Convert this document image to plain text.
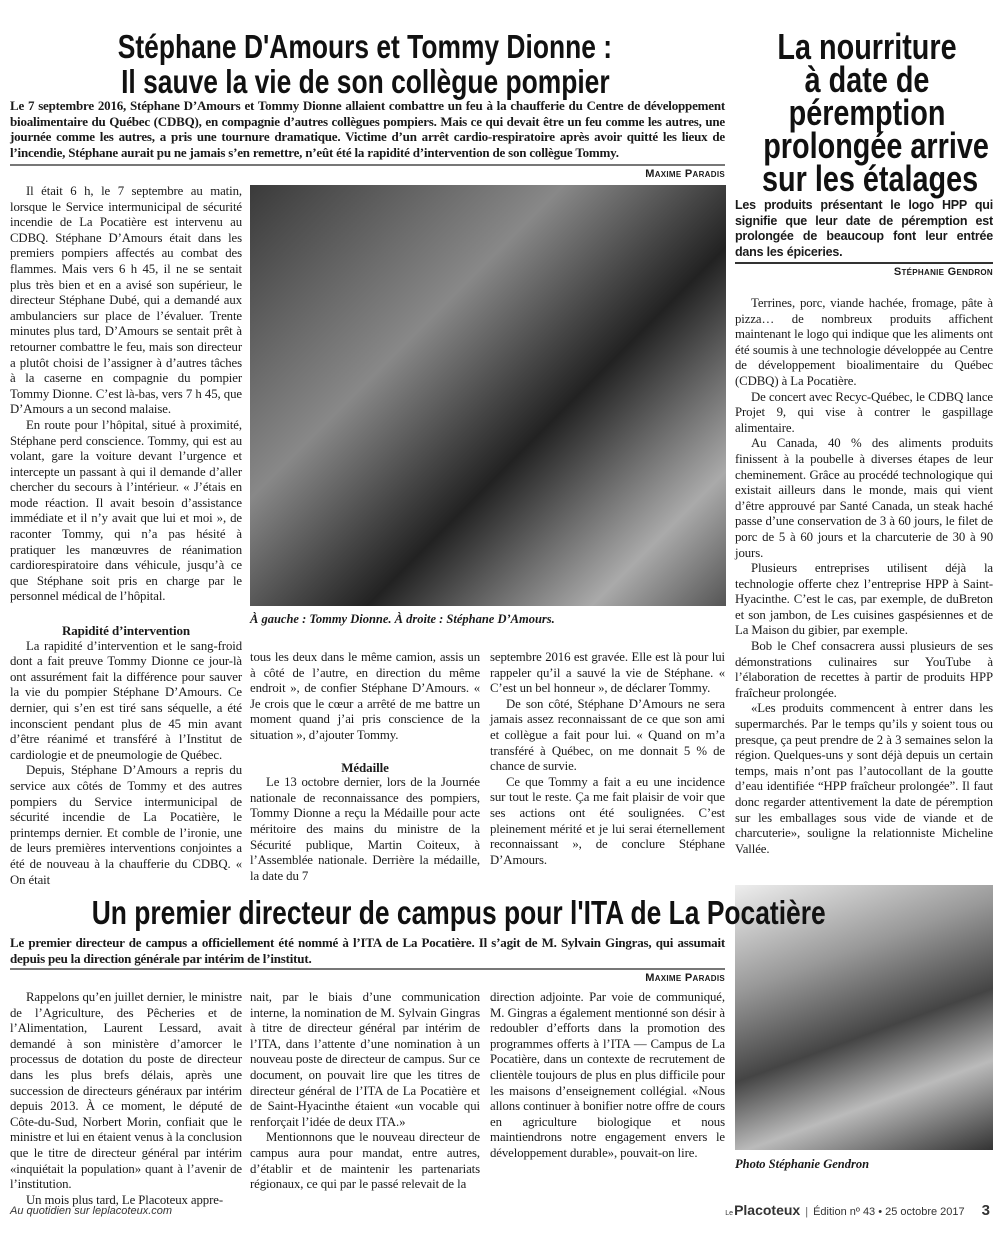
Stéphane D'Amours et Tommy Dionne :
Il sauve la vie de son collègue pompier
Le 7 septembre 2016, Stéphane D’Amours et Tommy Dionne allaient combattre un feu à la chaufferie du Centre de développement bioalimentaire du Québec (CDBQ), en compagnie d’autres collègues pompiers. Mais ce qui devait être un feu comme les autres, une journée comme les autres, a pris une tournure dramatique. Victime d’un arrêt cardio-respiratoire après avoir quitté les lieux de l’incendie, Stéphane aurait pu ne jamais s’en remettre, n’eût été la rapidité d’intervention de son collègue Tommy.
Maxime Paradis

Il était 6 h, le 7 septembre au matin, lorsque le Service intermunicipal de sécurité incendie de La Pocatière est intervenu au CDBQ. Stéphane D’Amours était dans les premiers pompiers affectés au combat des flammes. Mais vers 6 h 45, il ne se sentait plus très bien et en a avisé son supérieur, le directeur Stéphane Dubé, qui a demandé aux ambulanciers sur place de l’évaluer. Trente minutes plus tard, D’Amours se sentait prêt à retourner combattre le feu, mais son directeur a plutôt choisi de l’assigner à d’autres tâches à la caserne en compagnie du pompier Tommy Dionne. C’est là-bas, vers 7 h 45, que D’Amours a un second malaise.

En route pour l’hôpital, situé à proximité, Stéphane perd conscience. Tommy, qui est au volant, gare la voiture devant l’urgence et intercepte un passant à qui il demande d’aller chercher du secours à l’intérieur. « J’étais en mode réaction. Il avait besoin d’assistance immédiate et il n’y avait que lui et moi », de raconter Tommy, qui n’a pas hésité à pratiquer les manœuvres de réanimation cardiorespiratoire dans véhicule, jusqu’à ce que Stéphane soit pris en charge par le personnel médical de l’hôpital.

Rapidité d’intervention

La rapidité d’intervention et le sang-froid dont a fait preuve Tommy Dionne ce jour-là ont assurément fait la différence pour sauver la vie du pompier Stéphane D’Amours. Ce dernier, qui s’en est tiré sans séquelle, a été inconscient pendant plus de 45 min avant d’être réanimé et transféré à l’Institut de cardiologie et de pneumologie de Québec.

Depuis, Stéphane D’Amours a repris du service aux côtés de Tommy et des autres pompiers du Service intermunicipal de sécurité incendie de La Pocatière, le printemps dernier. Et comble de l’ironie, une de leurs premières interventions conjointes a été de nouveau à la chaufferie du CDBQ. « On était

À gauche : Tommy Dionne. À droite : Stéphane D’Amours.

tous les deux dans le même camion, assis un à côté de l’autre, en direction du même endroit », de confier Stéphane D’Amours. « Je crois que le cœur a arrêté de me battre un moment quand j’ai pris conscience de la situation », d’ajouter Tommy.

Médaille

Le 13 octobre dernier, lors de la Journée nationale de reconnaissance des pompiers, Tommy Dionne a reçu la Médaille pour acte méritoire des mains du ministre de la Sécurité publique, Martin Coiteux, à l’Assemblée nationale. Derrière la médaille, la date du 7

septembre 2016 est gravée. Elle est là pour lui rappeler qu’il a sauvé la vie de Stéphane. « C’est un bel honneur », de déclarer Tommy.

De son côté, Stéphane D’Amours ne sera jamais assez reconnaissant de ce que son ami et collègue a fait pour lui. « Quand on m’a transféré à Québec, on me donnait 5 % de chance de survie.

Ce que Tommy a fait a eu une incidence sur tout le reste. Ça me fait plaisir de voir que ses actions ont été soulignées. C’est pleinement mérité et je lui serai éternellement reconnaissant », de conclure Stéphane D’Amours.

La nourriture
à date de
péremption
prolongée arrive
sur les étalages
Les produits présentant le logo HPP qui signifie que leur date de péremption est prolongée de beaucoup font leur entrée dans les épiceries.
Stéphanie Gendron

Terrines, porc, viande hachée, fromage, pâte à pizza… de nombreux produits affichent maintenant le logo qui indique que les aliments ont été soumis à une technologie développée au Centre de développement bioalimentaire du Québec (CDBQ) à La Pocatière.

De concert avec Recyc-Québec, le CDBQ lance Projet 9, qui vise à contrer le gaspillage alimentaire.

Au Canada, 40 % des aliments produits finissent à la poubelle à diverses étapes de leur cheminement. Grâce au procédé technologique qui existait ailleurs dans le monde, mais qui vient d’être approuvé par Santé Canada, un steak haché passe d’une conservation de 3 à 60 jours, le filet de porc de 5 à 60 jours et la charcuterie de 30 à 90 jours.

Plusieurs entreprises utilisent déjà la technologie offerte chez l’entreprise HPP à Saint-Hyacinthe. C’est le cas, par exemple, de duBreton et son jambon, de Les cuisines gaspésiennes et de La Maison du gibier, par exemple.

Bob le Chef consacrera aussi plusieurs de ses démonstrations culinaires sur YouTube à l’élaboration de recettes à partir de produits HPP fraîcheur prolongée.

«Les produits commencent à entrer dans les supermarchés. Par le temps qu’ils y soient tous ou presque, ça peut prendre de 2 à 3 semaines selon la région. Quelques-uns y sont déjà depuis un certain temps, mais n’ont pas l’autocollant de la goutte d’eau identifiée “HPP fraîcheur prolongée”. Il faut donc regarder attentivement la date de péremption sur les emballages sous vide de viande et de charcuterie», souligne la relationniste Micheline Vallée.

Photo Stéphanie Gendron
Un premier directeur de campus pour l'ITA de La Pocatière
Le premier directeur de campus a officiellement été nommé à l’ITA de La Pocatière. Il s’agit de M. Sylvain Gingras, qui assumait depuis peu la direction générale par intérim de l’institut.
Maxime Paradis

Rappelons qu’en juillet dernier, le ministre de l’Agriculture, des Pêcheries et de l’Alimentation, Laurent Lessard, avait demandé à son ministère d’amorcer le processus de dotation du poste de directeur dans les plus brefs délais, après une succession de directeurs généraux par intérim depuis 2013. À ce moment, le député de Côte-du-Sud, Norbert Morin, confiait que le ministre et lui en étaient venus à la conclusion que le titre de directeur général par intérim «inquiétait la population» quant à l’avenir de l’institution.

Un mois plus tard, Le Placoteux appre-

nait, par le biais d’une communication interne, la nomination de M. Sylvain Gingras à titre de directeur général par intérim de l’ITA, dans l’attente d’une nomination à un nouveau poste de directeur de campus. Sur ce document, on pouvait lire que les titres de directeur général de l’ITA de La Pocatière et de Saint-Hyacinthe étaient «un vocable qui renforçait l’idée de deux ITA.»

Mentionnons que le nouveau directeur de campus aura pour mandat, entre autres, d’établir et de maintenir les partenariats régionaux, ce qui par le passé relevait de la

direction adjointe. Par voie de communiqué, M. Gingras a également mentionné son désir à redoubler d’efforts dans la promotion des programmes offerts à l’ITA — Campus de La Pocatière, dans un contexte de recrutement de clientèle toujours de plus en plus difficile pour les maisons d’enseignement collégial. «Nous allons continuer à bonifier notre offre de cours en agriculture biologique et nous maintiendrons notre engagement envers le développement durable», pouvait-on lire.

Au quotidien sur leplacoteux.com	Le Placoteux | Édition nº 43 • 25 octobre 2017 3
